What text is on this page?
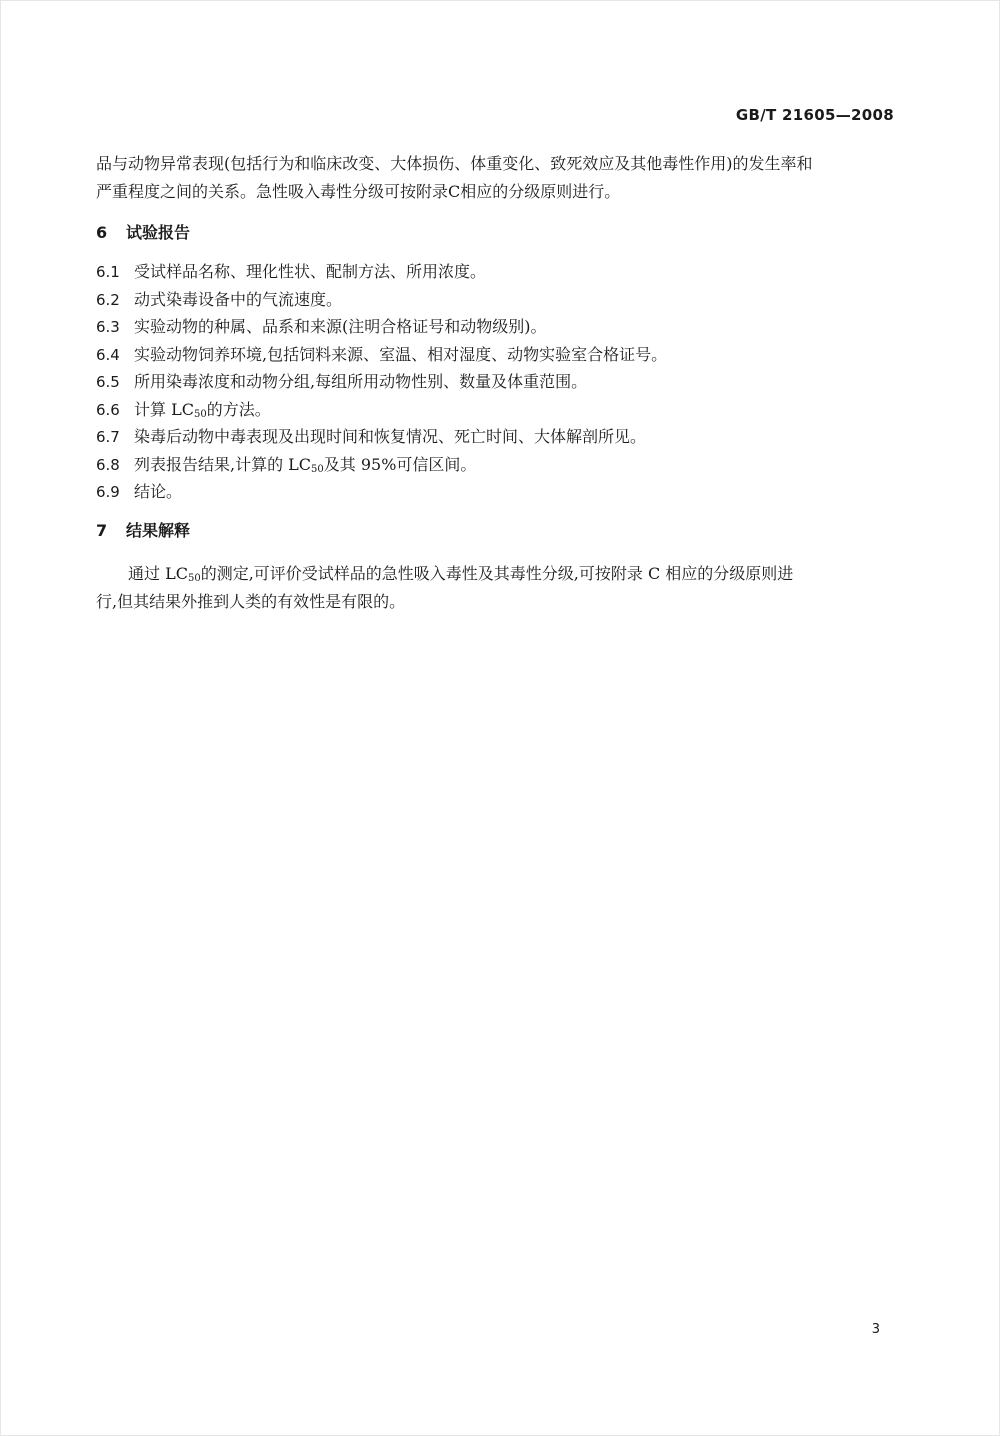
GB/T 21605—2008

品与动物异常表现(包括行为和临床改变、大体损伤、体重变化、致死效应及其他毒性作用)的发生率和

严重程度之间的关系。急性吸入毒性分级可按附录C相应的分级原则进行。

6 试验报告
6.1 受试样品名称、理化性状、配制方法、所用浓度。
6.2 动式染毒设备中的气流速度。
6.3 实验动物的种属、品系和来源(注明合格证号和动物级别)。
6.4 实验动物饲养环境,包括饲料来源、室温、相对湿度、动物实验室合格证号。
6.5 所用染毒浓度和动物分组,每组所用动物性别、数量及体重范围。
6.6 计算 $LC_{50}$的方法。
6.7 染毒后动物中毒表现及出现时间和恢复情况、死亡时间、大体解剖所见。
6.8 列表报告结果,计算的 $LC_{50}$及其 95%可信区间。
6.9 结论。
7 结果解释

通过 $LC_{50}$的测定,可评价受试样品的急性吸入毒性及其毒性分级,可按附录 C 相应的分级原则进

行,但其结果外推到人类的有效性是有限的。

3
